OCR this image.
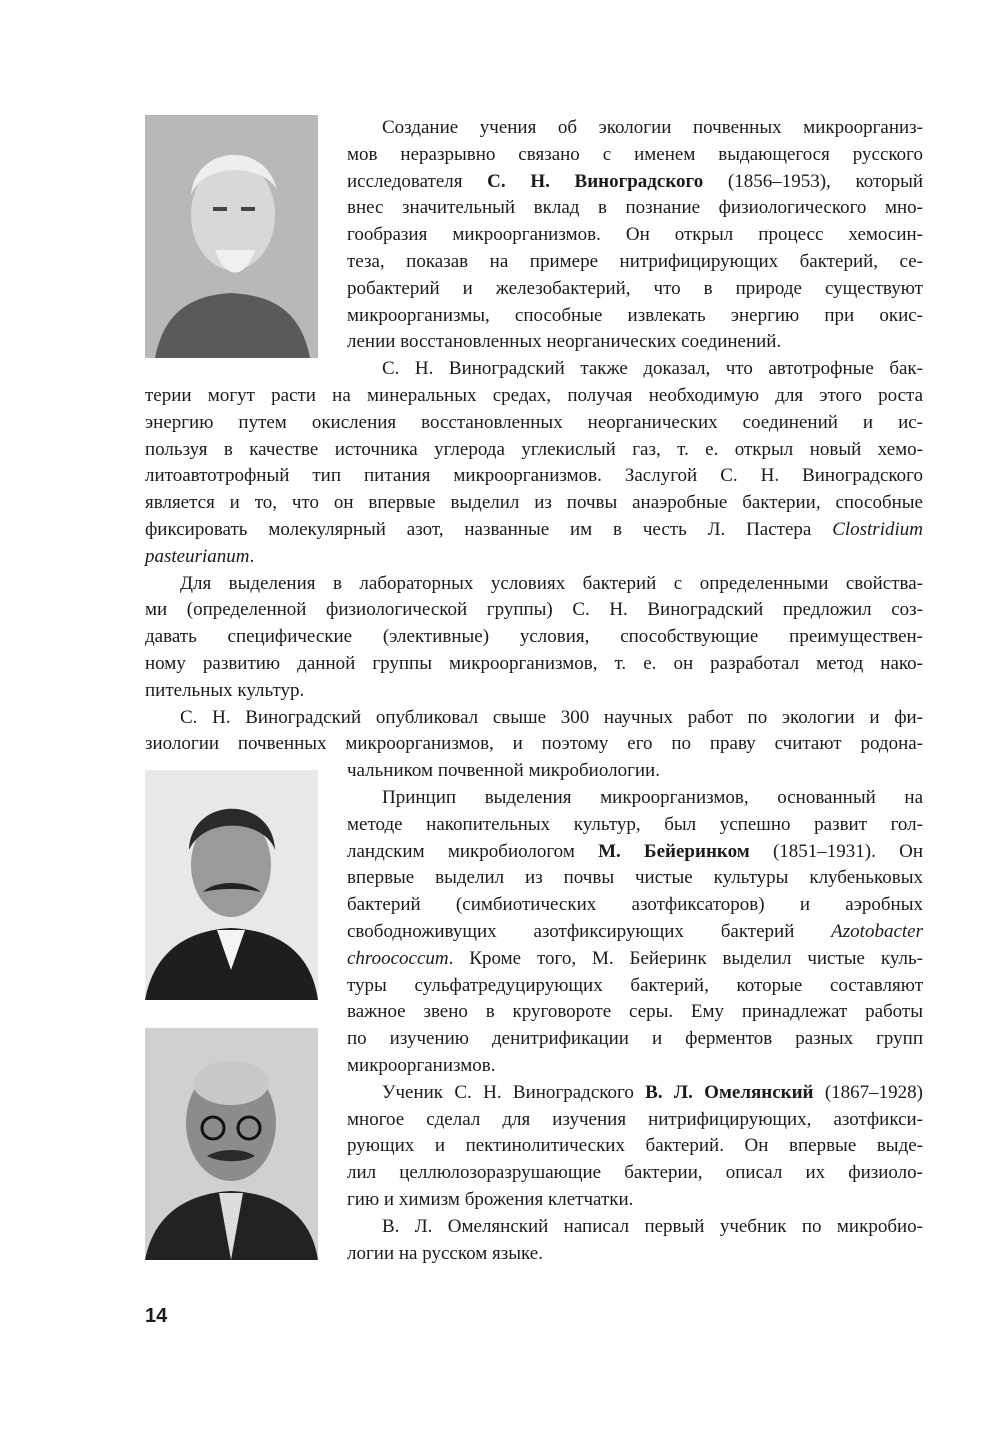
Создание учения об экологии почвенных микроорганиз-
мов неразрывно связано с именем выдающегося русского
исследователя С. Н. Виноградского (1856–1953), который
внес значительный вклад в познание физиологического мно-
гообразия микроорганизмов. Он открыл процесс хемосин-
теза, показав на примере нитрифицирующих бактерий, се-
робактерий и железобактерий, что в природе существуют
микроорганизмы, способные извлекать энергию при окис-
лении восстановленных неорганических соединений.
С. Н. Виноградский также доказал, что автотрофные бак-
терии могут расти на минеральных средах, получая необходимую для этого роста
энергию путем окисления восстановленных неорганических соединений и ис-
пользуя в качестве источника углерода углекислый газ, т. е. открыл новый хемо-
литоавтотрофный тип питания микроорганизмов. Заслугой С. Н. Виноградского
является и то, что он впервые выделил из почвы анаэробные бактерии, способные
фиксировать молекулярный азот, названные им в честь Л. Пастера Clostridium
pasteurianum.
Для выделения в лабораторных условиях бактерий с определенными свойства-
ми (определенной физиологической группы) С. Н. Виноградский предложил соз-
давать специфические (элективные) условия, способствующие преимуществен-
ному развитию данной группы микроорганизмов, т. е. он разработал метод нако-
пительных культур.
С. Н. Виноградский опубликовал свыше 300 научных работ по экологии и фи-
зиологии почвенных микроорганизмов, и поэтому его по праву считают родона-
чальником почвенной микробиологии.
Принцип выделения микроорганизмов, основанный на
методе накопительных культур, был успешно развит гол-
ландским микробиологом М. Бейеринком (1851–1931). Он
впервые выделил из почвы чистые культуры клубеньковых
бактерий (симбиотических азотфиксаторов) и аэробных
свободноживущих азотфиксирующих бактерий Azotobacter
chroococcum. Кроме того, М. Бейеринк выделил чистые куль-
туры сульфатредуцирующих бактерий, которые составляют
важное звено в круговороте серы. Ему принадлежат работы
по изучению денитрификации и ферментов разных групп
микроорганизмов.
Ученик С. Н. Виноградского В. Л. Омелянский (1867–1928)
многое сделал для изучения нитрифицирующих, азотфикси-
рующих и пектинолитических бактерий. Он впервые выде-
лил целлюлозоразрушающие бактерии, описал их физиоло-
гию и химизм брожения клетчатки.
В. Л. Омелянский написал первый учебник по микробио-
логии на русском языке.
14
